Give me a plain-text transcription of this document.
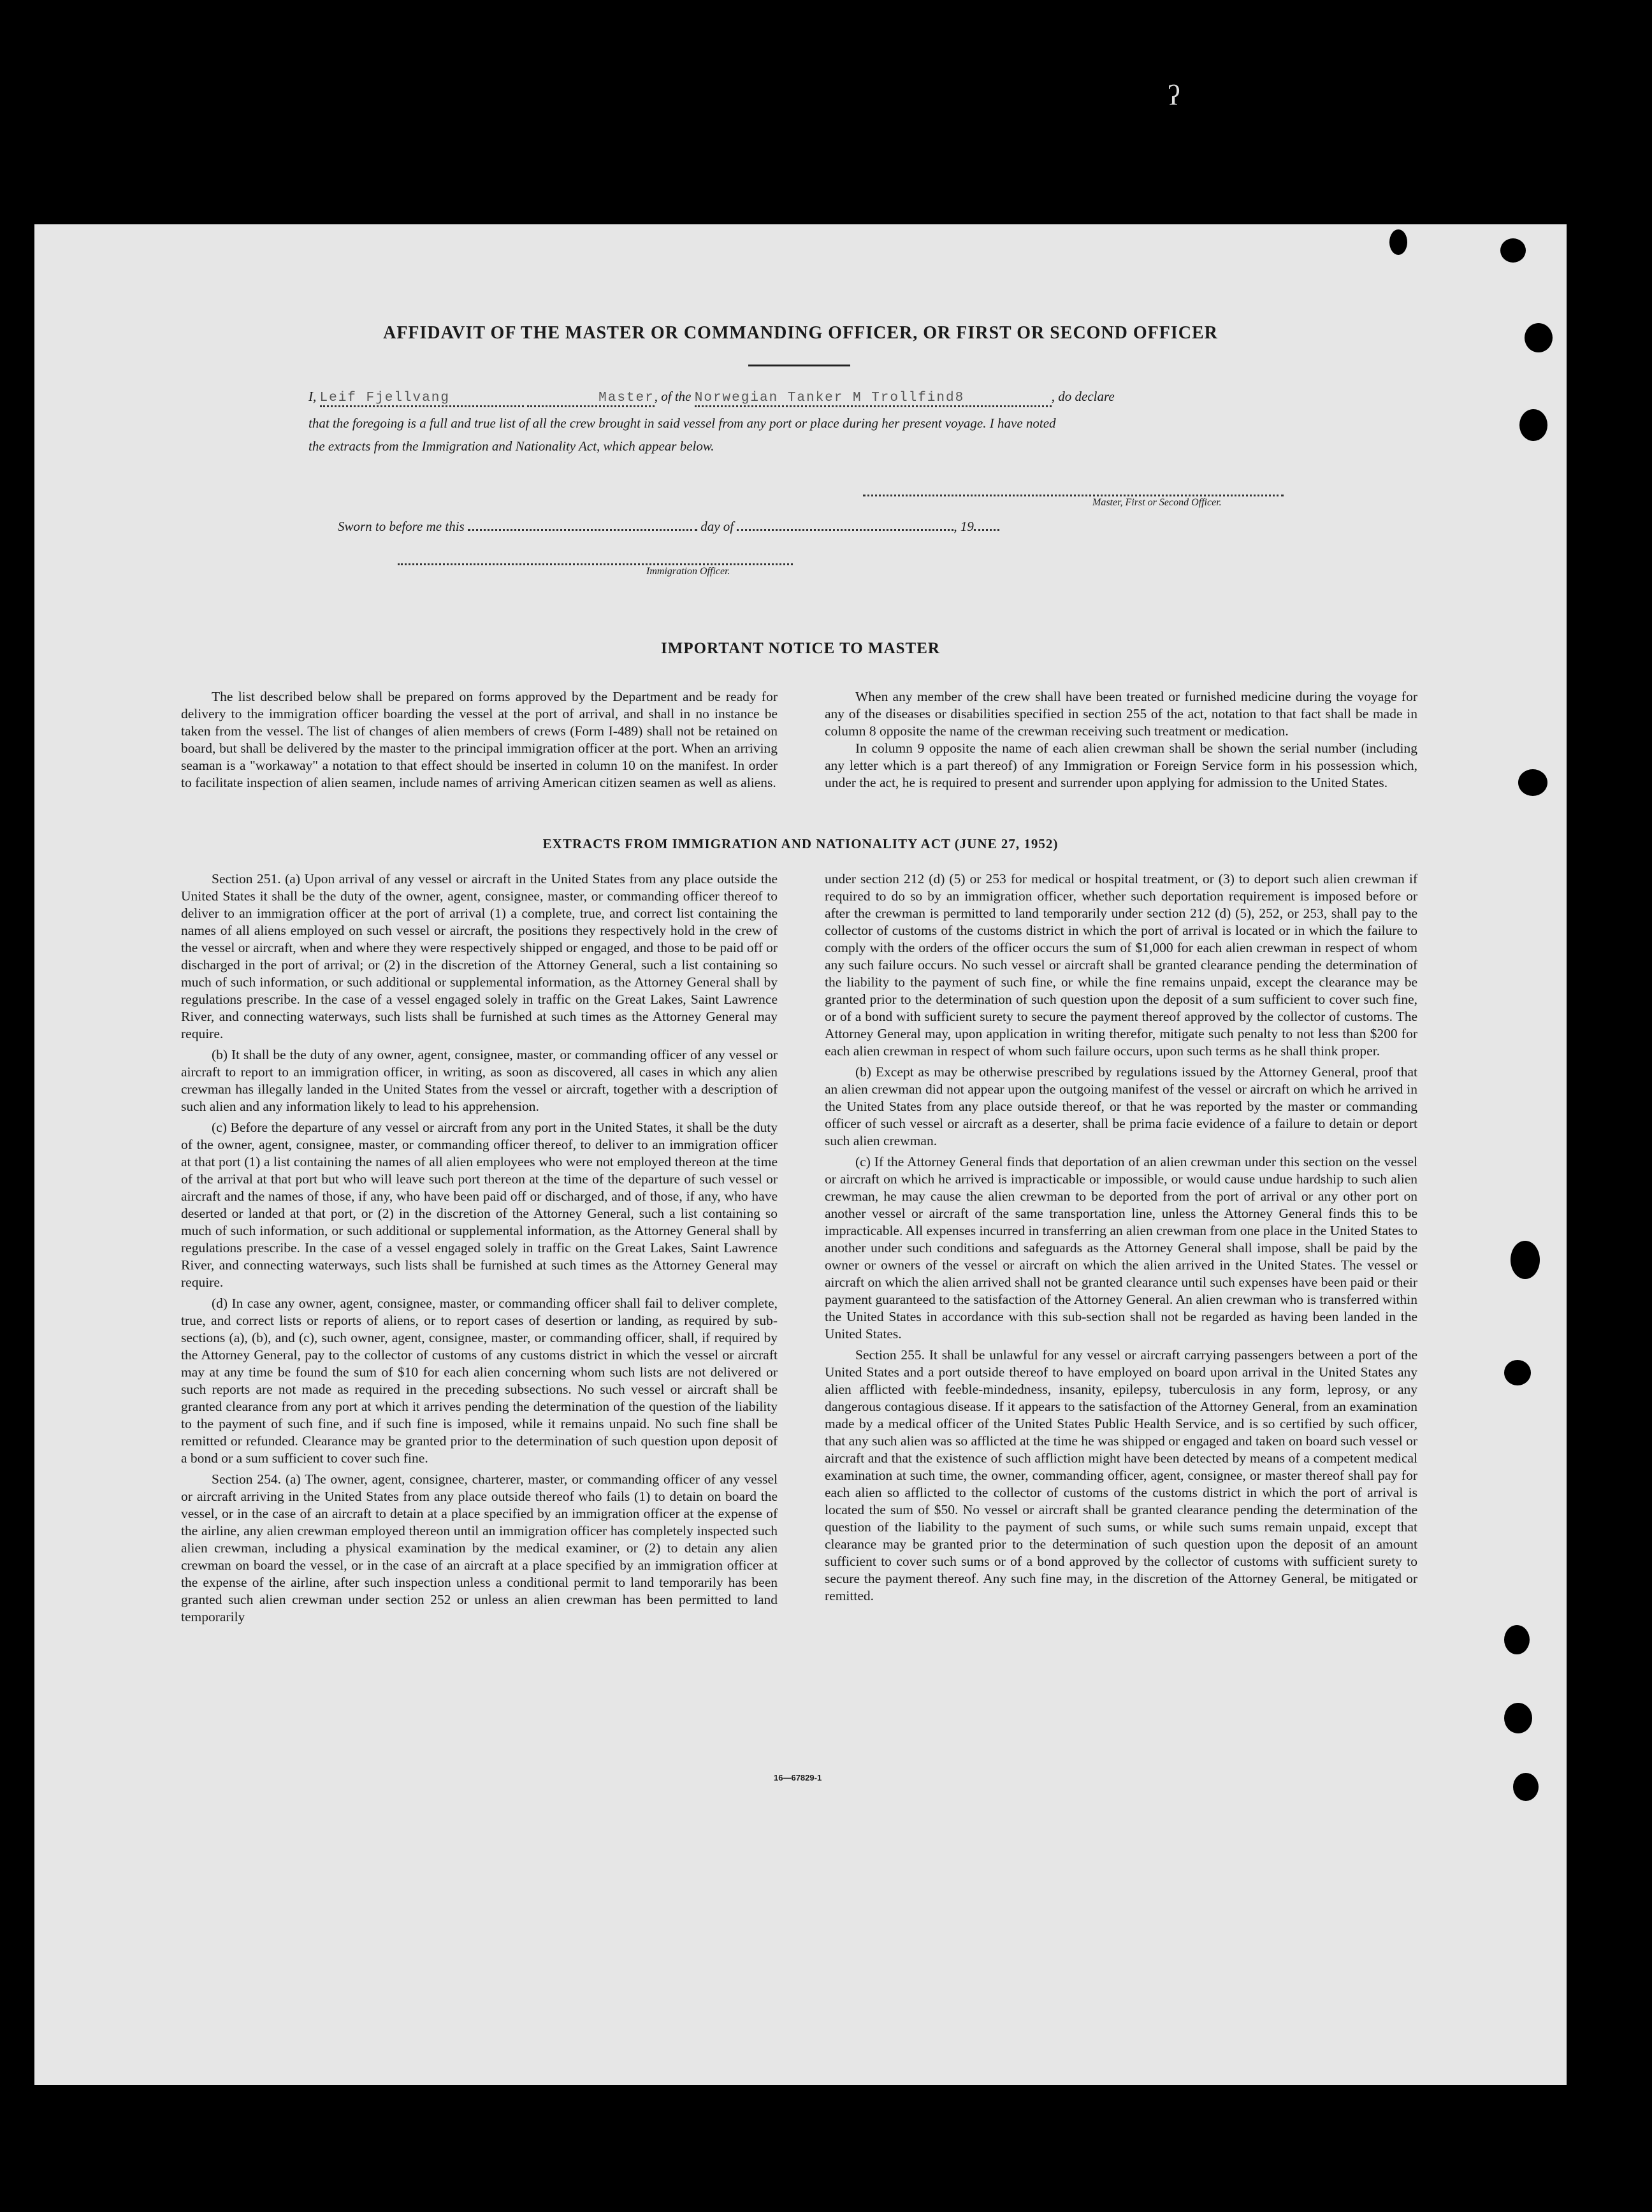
ʔ
AFFIDAVIT OF THE MASTER OR COMMANDING OFFICER, OR FIRST OR SECOND OFFICER
I, Leif Fjellvang	Master, of the Norwegian Tanker M Trollfind8	, do declare
that the foregoing is a full and true list of all the crew brought in said vessel from any port or place during her present voyage. I have noted
the extracts from the Immigration and Nationality Act, which appear below.
Master, First or Second Officer.
Sworn to before me this	day of	, 19
Immigration Officer.
IMPORTANT NOTICE TO MASTER

The list described below shall be prepared on forms approved by the Department and be ready for delivery to the immigration officer boarding the vessel at the port of arrival, and shall in no instance be taken from the vessel. The list of changes of alien members of crews (Form I-489) shall not be retained on board, but shall be delivered by the master to the principal immigration officer at the port. When an arriving seaman is a "workaway" a notation to that effect should be inserted in column 10 on the manifest. In order to facilitate inspection of alien seamen, include names of arriving American citizen seamen as well as aliens.

When any member of the crew shall have been treated or furnished medicine during the voyage for any of the diseases or disabilities specified in section 255 of the act, notation to that fact shall be made in column 8 opposite the name of the crewman receiving such treatment or medication.

In column 9 opposite the name of each alien crewman shall be shown the serial number (including any letter which is a part thereof) of any Immigration or Foreign Service form in his possession which, under the act, he is required to present and surrender upon applying for admission to the United States.

EXTRACTS FROM IMMIGRATION AND NATIONALITY ACT (JUNE 27, 1952)

Section 251. (a) Upon arrival of any vessel or aircraft in the United States from any place outside the United States it shall be the duty of the owner, agent, consignee, master, or commanding officer thereof to deliver to an immigration officer at the port of arrival (1) a complete, true, and correct list containing the names of all aliens employed on such vessel or aircraft, the positions they respectively hold in the crew of the vessel or aircraft, when and where they were respectively shipped or engaged, and those to be paid off or discharged in the port of arrival; or (2) in the discretion of the Attorney General, such a list containing so much of such information, or such additional or supplemental information, as the Attorney General shall by regulations prescribe. In the case of a vessel engaged solely in traffic on the Great Lakes, Saint Lawrence River, and connecting waterways, such lists shall be furnished at such times as the Attorney General may require.

(b) It shall be the duty of any owner, agent, consignee, master, or commanding officer of any vessel or aircraft to report to an immigration officer, in writing, as soon as discovered, all cases in which any alien crewman has illegally landed in the United States from the vessel or aircraft, together with a description of such alien and any information likely to lead to his apprehension.

(c) Before the departure of any vessel or aircraft from any port in the United States, it shall be the duty of the owner, agent, consignee, master, or commanding officer thereof, to deliver to an immigration officer at that port (1) a list containing the names of all alien employees who were not employed thereon at the time of the arrival at that port but who will leave such port thereon at the time of the departure of such vessel or aircraft and the names of those, if any, who have been paid off or discharged, and of those, if any, who have deserted or landed at that port, or (2) in the discretion of the Attorney General, such a list containing so much of such information, or such additional or supplemental information, as the Attorney General shall by regulations prescribe. In the case of a vessel engaged solely in traffic on the Great Lakes, Saint Lawrence River, and connecting waterways, such lists shall be furnished at such times as the Attorney General may require.

(d) In case any owner, agent, consignee, master, or commanding officer shall fail to deliver complete, true, and correct lists or reports of aliens, or to report cases of desertion or landing, as required by sub-sections (a), (b), and (c), such owner, agent, consignee, master, or commanding officer, shall, if required by the Attorney General, pay to the collector of customs of any customs district in which the vessel or aircraft may at any time be found the sum of $10 for each alien concerning whom such lists are not delivered or such reports are not made as required in the preceding subsections. No such vessel or aircraft shall be granted clearance from any port at which it arrives pending the determination of the question of the liability to the payment of such fine, and if such fine is imposed, while it remains unpaid. No such fine shall be remitted or refunded. Clearance may be granted prior to the determination of such question upon deposit of a bond or a sum sufficient to cover such fine.

Section 254. (a) The owner, agent, consignee, charterer, master, or commanding officer of any vessel or aircraft arriving in the United States from any place outside thereof who fails (1) to detain on board the vessel, or in the case of an aircraft to detain at a place specified by an immigration officer at the expense of the airline, any alien crewman employed thereon until an immigration officer has completely inspected such alien crewman, including a physical examination by the medical examiner, or (2) to detain any alien crewman on board the vessel, or in the case of an aircraft at a place specified by an immigration officer at the expense of the airline, after such inspection unless a conditional permit to land temporarily has been granted such alien crewman under section 252 or unless an alien crewman has been permitted to land temporarily

under section 212 (d) (5) or 253 for medical or hospital treatment, or (3) to deport such alien crewman if required to do so by an immigration officer, whether such deportation requirement is imposed before or after the crewman is permitted to land temporarily under section 212 (d) (5), 252, or 253, shall pay to the collector of customs of the customs district in which the port of arrival is located or in which the failure to comply with the orders of the officer occurs the sum of $1,000 for each alien crewman in respect of whom any such failure occurs. No such vessel or aircraft shall be granted clearance pending the determination of the liability to the payment of such fine, or while the fine remains unpaid, except the clearance may be granted prior to the determination of such question upon the deposit of a sum sufficient to cover such fine, or of a bond with sufficient surety to secure the payment thereof approved by the collector of customs. The Attorney General may, upon application in writing therefor, mitigate such penalty to not less than $200 for each alien crewman in respect of whom such failure occurs, upon such terms as he shall think proper.

(b) Except as may be otherwise prescribed by regulations issued by the Attorney General, proof that an alien crewman did not appear upon the outgoing manifest of the vessel or aircraft on which he arrived in the United States from any place outside thereof, or that he was reported by the master or commanding officer of such vessel or aircraft as a deserter, shall be prima facie evidence of a failure to detain or deport such alien crewman.

(c) If the Attorney General finds that deportation of an alien crewman under this section on the vessel or aircraft on which he arrived is impracticable or impossible, or would cause undue hardship to such alien crewman, he may cause the alien crewman to be deported from the port of arrival or any other port on another vessel or aircraft of the same transportation line, unless the Attorney General finds this to be impracticable. All expenses incurred in transferring an alien crewman from one place in the United States to another under such conditions and safeguards as the Attorney General shall impose, shall be paid by the owner or owners of the vessel or aircraft on which the alien arrived in the United States. The vessel or aircraft on which the alien arrived shall not be granted clearance until such expenses have been paid or their payment guaranteed to the satisfaction of the Attorney General. An alien crewman who is transferred within the United States in accordance with this sub-section shall not be regarded as having been landed in the United States.

Section 255. It shall be unlawful for any vessel or aircraft carrying passengers between a port of the United States and a port outside thereof to have employed on board upon arrival in the United States any alien afflicted with feeble-mindedness, insanity, epilepsy, tuberculosis in any form, leprosy, or any dangerous contagious disease. If it appears to the satisfaction of the Attorney General, from an examination made by a medical officer of the United States Public Health Service, and is so certified by such officer, that any such alien was so afflicted at the time he was shipped or engaged and taken on board such vessel or aircraft and that the existence of such affliction might have been detected by means of a competent medical examination at such time, the owner, commanding officer, agent, consignee, or master thereof shall pay for each alien so afflicted to the collector of customs of the customs district in which the port of arrival is located the sum of $50. No vessel or aircraft shall be granted clearance pending the determination of the question of the liability to the payment of such sums, or while such sums remain unpaid, except that clearance may be granted prior to the determination of such question upon the deposit of an amount sufficient to cover such sums or of a bond approved by the collector of customs with sufficient surety to secure the payment thereof. Any such fine may, in the discretion of the Attorney General, be mitigated or remitted.

16—67829-1
